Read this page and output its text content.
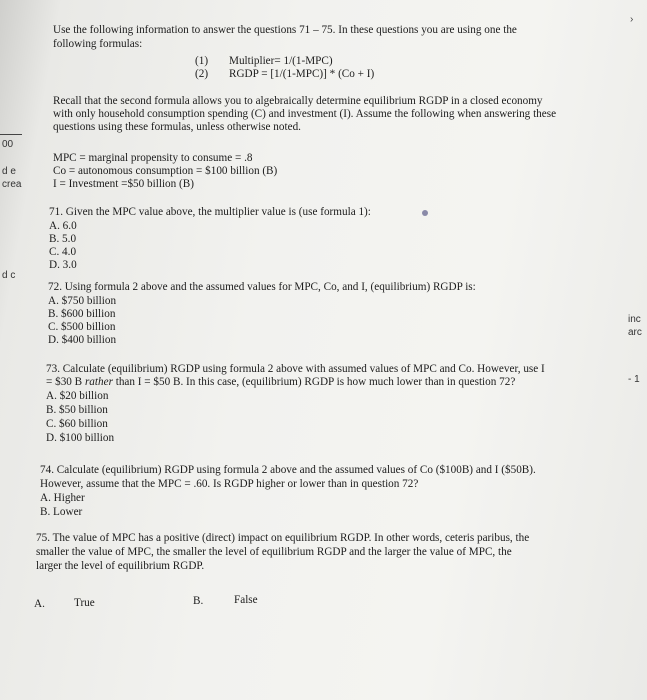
00
d e
crea
d c
inc
arc
- 1
›
Use the following information to answer the questions 71 – 75. In these questions you are using one the
following formulas:
(1) Multiplier= 1/(1-MPC)
(2) RGDP = [1/(1-MPC)] * (Co + I)
Recall that the second formula allows you to algebraically determine equilibrium RGDP in a closed economy
with only household consumption spending (C) and investment (I). Assume the following when answering these
questions using these formulas, unless otherwise noted.
MPC = marginal propensity to consume = .8
Co = autonomous consumption = $100 billion (B)
I = Investment =$50 billion (B)
71. Given the MPC value above, the multiplier value is (use formula 1):
A. 6.0
B. 5.0
C. 4.0
D. 3.0
72. Using formula 2 above and the assumed values for MPC, Co, and I, (equilibrium) RGDP is:
A. $750 billion
B. $600 billion
C. $500 billion
D. $400 billion
73. Calculate (equilibrium) RGDP using formula 2 above with assumed values of MPC and Co. However, use I
= $30 B rather than I = $50 B. In this case, (equilibrium) RGDP is how much lower than in question 72?
A. $20 billion
B. $50 billion
C. $60 billion
D. $100 billion
74. Calculate (equilibrium) RGDP using formula 2 above and the assumed values of Co ($100B) and I ($50B).
However, assume that the MPC = .60. Is RGDP higher or lower than in question 72?
A. Higher
B. Lower
75. The value of MPC has a positive (direct) impact on equilibrium RGDP. In other words, ceteris paribus, the
smaller the value of MPC, the smaller the level of equilibrium RGDP and the larger the value of MPC, the
larger the level of equilibrium RGDP.
A.	True	B.	False
